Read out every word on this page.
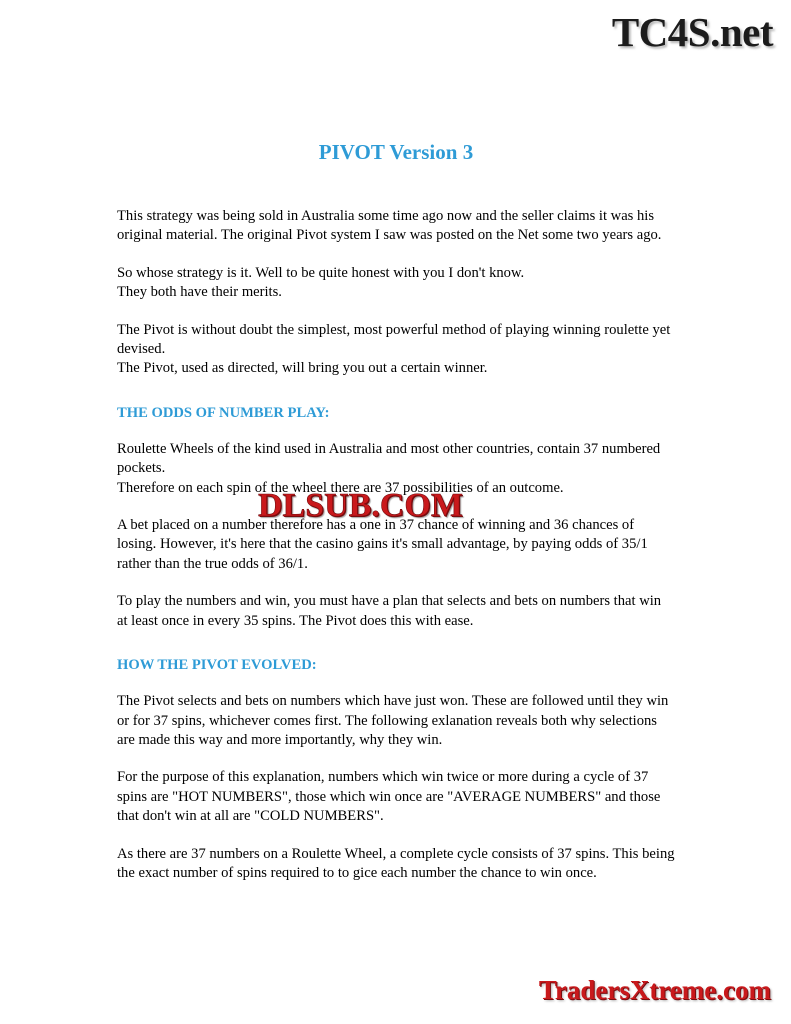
TC4S.net
PIVOT Version 3

This strategy was being sold in Australia some time ago now and the seller claims it was his original material. The original Pivot system I saw was posted on the Net some two years ago.

So whose strategy is it. Well to be quite honest with you I don't know.
They both have their merits.

The Pivot is without doubt the simplest, most powerful method of playing winning roulette yet devised.
The Pivot, used as directed, will bring you out a certain winner.

THE ODDS OF NUMBER PLAY:

Roulette Wheels of the kind used in Australia and most other countries, contain 37 numbered pockets.
Therefore on each spin of the wheel there are 37 possibilities of an outcome.

A bet placed on a number therefore has a one in 37 chance of winning and 36 chances of losing. However, it's here that the casino gains it's small advantage, by paying odds of 35/1 rather than the true odds of 36/1.

To play the numbers and win, you must have a plan that selects and bets on numbers that win at least once in every 35 spins. The Pivot does this with ease.

HOW THE PIVOT EVOLVED:

The Pivot selects and bets on numbers which have just won. These are followed until they win or for 37 spins, whichever comes first. The following exlanation reveals both why selections are made this way and more importantly, why they win.

For the purpose of this explanation, numbers which win twice or more during a cycle of 37 spins are "HOT NUMBERS", those which win once are "AVERAGE NUMBERS" and those that don't win at all are "COLD NUMBERS".

As there are 37 numbers on a Roulette Wheel, a complete cycle consists of 37 spins. This being the exact number of spins required to to gice each number the chance to win once.

DLSUB.COM
TradersXtreme.com
